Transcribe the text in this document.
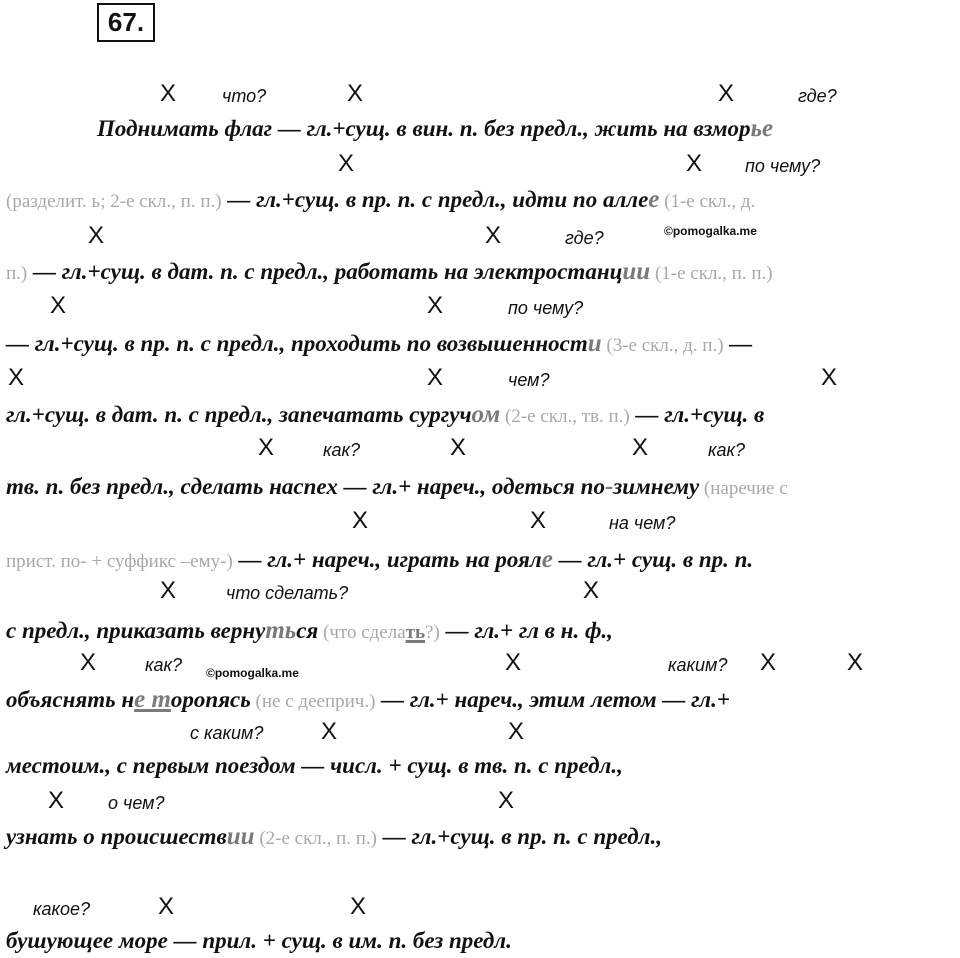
67.
X	что?	X	X	где?
Поднимать флаг — гл.+сущ. в вин. п. без предл., жить на взморье
X	X по чему?
(разделит. ь; 2-е скл., п. п.) — гл.+сущ. в пр. п. с предл., идти по аллее (1-е скл., д.
X	X	где?	©pomogalka.me
п.) — гл.+сущ. в дат. п. с предл., работать на электростанции (1-е скл., п. п.)
X	X	по чему?
— гл.+сущ. в пр. п. с предл., проходить по возвышенности (3-е скл., д. п.) —
X	X	чем?	X
гл.+сущ. в дат. п. с предл., запечатать сургучом (2-е скл., тв. п.) — гл.+сущ. в
X	как?	X	X	как?
тв. п. без предл., сделать наспех — гл.+ нареч., одеться по-зимнему (наречие с
X	X	на чем?
прист. по- + суффикс –ему-) — гл.+ нареч., играть на рояле — гл.+ сущ. в пр. п.
X	что сделать?	X
с предл., приказать вернуться (что сделать?) — гл.+ гл в н. ф.,
X	как? ©pomogalka.me	X	каким? X	X
объяснять не торопясь (не с дееприч.) — гл.+ нареч., этим летом — гл.+
с каким? X	X
местоим., с первым поездом — числ. + сущ. в тв. п. с предл.,
X о чем?	X
узнать о происшествии (2-е скл., п. п.) — гл.+сущ. в пр. п. с предл.,
какое?	X	X
бушующее море — прил. + сущ. в им. п. без предл.
